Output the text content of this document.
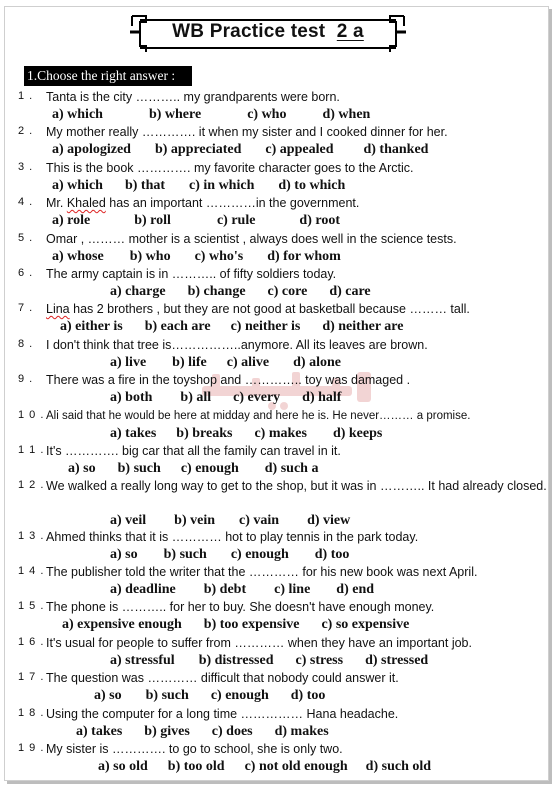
WB Practice test 2 a
1.Choose the right answer :
1 . Tanta is the city ……….. my grandparents were born.
a) which	b) where	c) who	d) when
2 . My mother really …………. it when my sister and I cooked dinner for her.
a) apologized b) appreciated c) appealed d) thanked
3 . This is the book …………. my favorite character goes to the Arctic.
a) which b) that c) in which d) to which
4 . Mr. Khaled has an important …………in the government.
a) role	b) roll	c) rule	d) root
5 . Omar , ……… mother is a scientist , always does well in the science tests.
a) whose b) who c) who's d) for whom
6 . The army captain is in ……….. of fifty soldiers today.
a) charge b) change c) core d) care
7 . Lina has 2 brothers , but they are not good at basketball because ……… tall.
a) either is b) each are c) neither is d) neither are
8 . I don't think that tree is……………..anymore. All its leaves are brown.
a) live b) life c) alive d) alone
9 . There was a fire in the toyshop and ………….. toy was damaged .
a) both b) all c) every d) half
1 0 . Ali said that he would be here at midday and here he is. He never……… a promise.
a) takes b) breaks c) makes d) keeps
1 1 . It's …………. big car that all the family can travel in it.
a) so b) such c) enough d) such a
1 2 . We walked a really long way to get to the shop, but it was in ……….. It had already closed.
a) veil b) vein c) vain d) view
1 3 . Ahmed thinks that it is ………… hot to play tennis in the park today.
a) so b) such c) enough d) too
1 4 . The publisher told the writer that the ………… for his new book was next April.
a) deadline b) debt c) line d) end
1 5 . The phone is ……….. for her to buy. She doesn't have enough money.
a) expensive enough b) too expensive c) so expensive
1 6 . It's usual for people to suffer from ………… when they have an important job.
a) stressful b) distressed c) stress d) stressed
1 7 . The question was ………… difficult that nobody could answer it.
a) so b) such c) enough d) too
1 8 . Using the computer for a long time …………… Hana headache.
a) takes b) gives c) does d) makes
1 9 . My sister is …………. to go to school, she is only two.
a) so old b) too old c) not old enough d) such old
